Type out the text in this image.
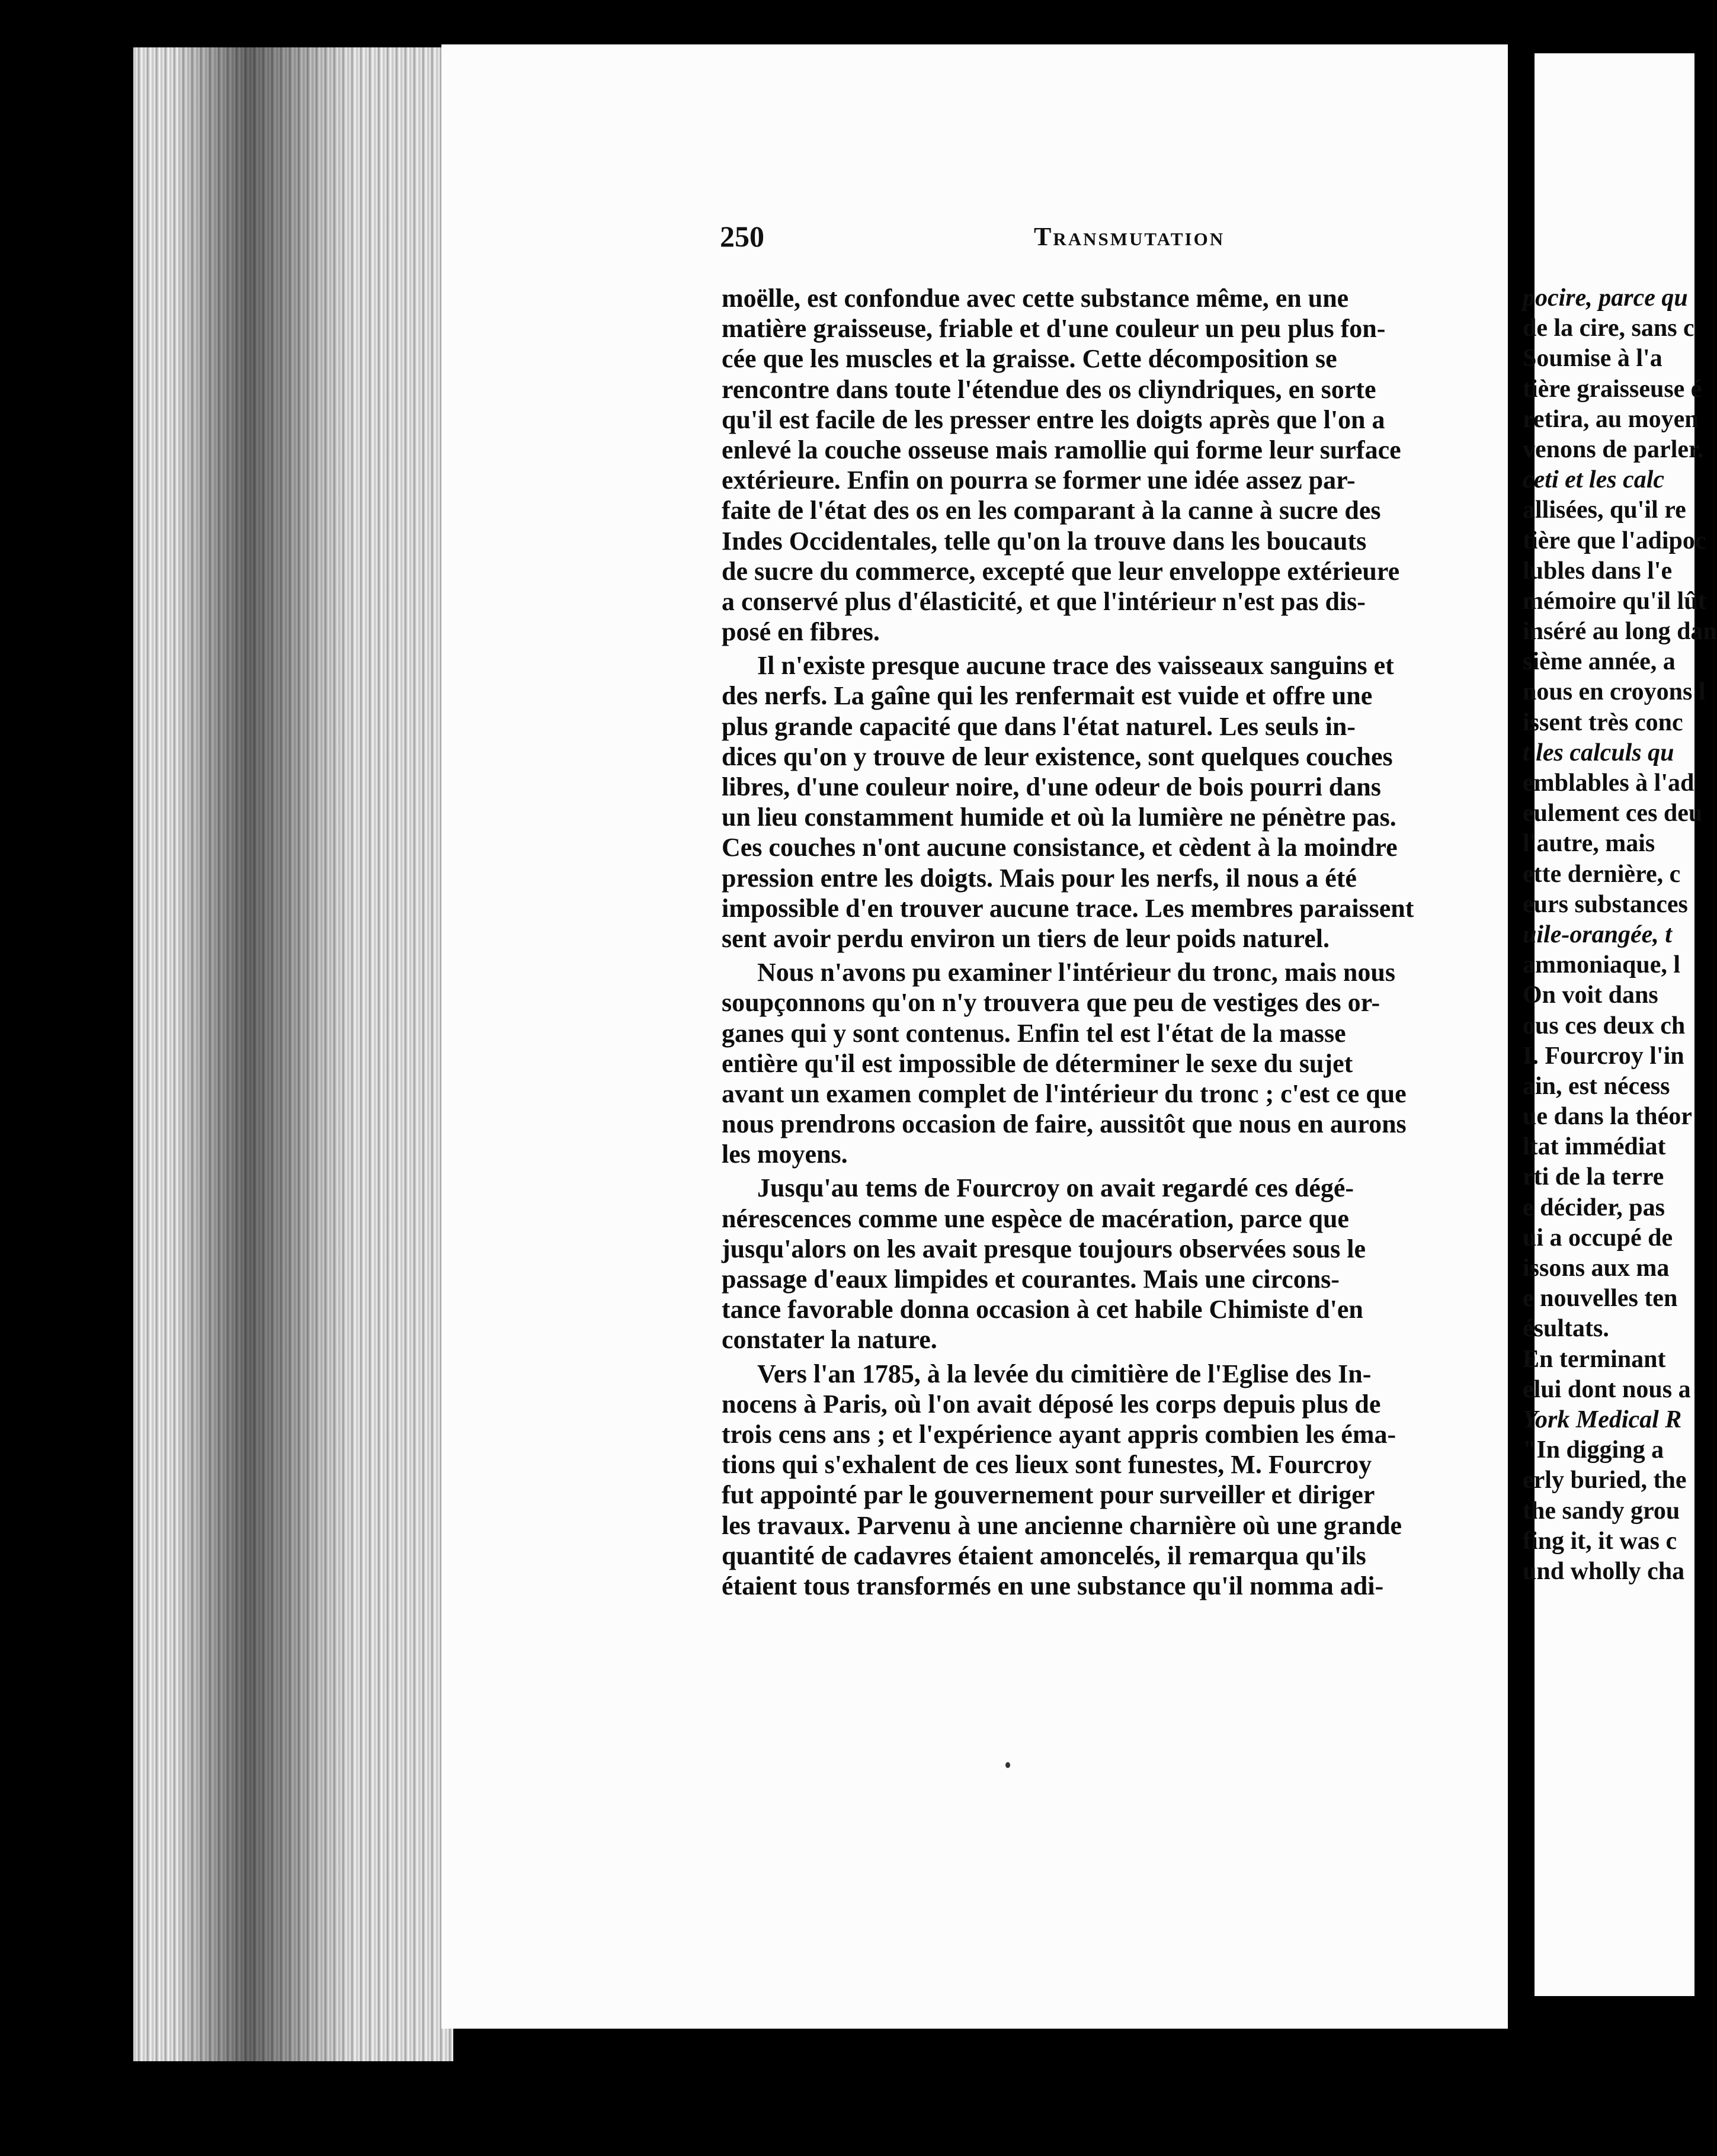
250	Transmutation
moëlle, est confondue avec cette substance même, en une
matière graisseuse, friable et d'une couleur un peu plus fon-
cée que les muscles et la graisse. Cette décomposition se
rencontre dans toute l'étendue des os cliyndriques, en sorte
qu'il est facile de les presser entre les doigts après que l'on a
enlevé la couche osseuse mais ramollie qui forme leur surface
extérieure. Enfin on pourra se former une idée assez par-
faite de l'état des os en les comparant à la canne à sucre des
Indes Occidentales, telle qu'on la trouve dans les boucauts
de sucre du commerce, excepté que leur enveloppe extérieure
a conservé plus d'élasticité, et que l'intérieur n'est pas dis-
posé en fibres.
Il n'existe presque aucune trace des vaisseaux sanguins et
des nerfs. La gaîne qui les renfermait est vuide et offre une
plus grande capacité que dans l'état naturel. Les seuls in-
dices qu'on y trouve de leur existence, sont quelques couches
libres, d'une couleur noire, d'une odeur de bois pourri dans
un lieu constamment humide et où la lumière ne pénètre pas.
Ces couches n'ont aucune consistance, et cèdent à la moindre
pression entre les doigts. Mais pour les nerfs, il nous a été
impossible d'en trouver aucune trace. Les membres paraissent
sent avoir perdu environ un tiers de leur poids naturel.
Nous n'avons pu examiner l'intérieur du tronc, mais nous
soupçonnons qu'on n'y trouvera que peu de vestiges des or-
ganes qui y sont contenus. Enfin tel est l'état de la masse
entière qu'il est impossible de déterminer le sexe du sujet
avant un examen complet de l'intérieur du tronc ; c'est ce que
nous prendrons occasion de faire, aussitôt que nous en aurons
les moyens.
Jusqu'au tems de Fourcroy on avait regardé ces dégé-
nérescences comme une espèce de macération, parce que
jusqu'alors on les avait presque toujours observées sous le
passage d'eaux limpides et courantes. Mais une circons-
tance favorable donna occasion à cet habile Chimiste d'en
constater la nature.
Vers l'an 1785, à la levée du cimitière de l'Eglise des In-
nocens à Paris, où l'on avait déposé les corps depuis plus de
trois cens ans ; et l'expérience ayant appris combien les éma-
tions qui s'exhalent de ces lieux sont funestes, M. Fourcroy
fut appointé par le gouvernement pour surveiller et diriger
les travaux. Parvenu à une ancienne charnière où une grande
quantité de cadavres étaient amoncelés, il remarqua qu'ils
étaient tous transformés en une substance qu'il nomma adi-
pocire, parce qu
de la cire, sans c
Soumise à l'a
tière graisseuse é
retira, au moyen
venons de parler.
ceti et les calc
allisées, qu'il re
tière que l'adipoc
lubles dans l'e
mémoire qu'il lût
inséré au long dan
sième année, a
nous en croyons l
issent très conc
t les calculs qu
emblables à l'ad
eulement ces deu
l'autre, mais
ette dernière, c
eurs substances
uile-orangée, t
ammoniaque, l
On voit dans
ous ces deux ch
I. Fourcroy l'in
ain, est nécess
ue dans la théor
ltat immédiat
rti de la terre
e décider, pas
ui a occupé de
issons aux ma
e nouvelles ten
ésultats.
En terminant
elui dont nous a
York Medical R
"In digging a
erly buried, the
the sandy grou
fing it, it was c
und wholly cha
